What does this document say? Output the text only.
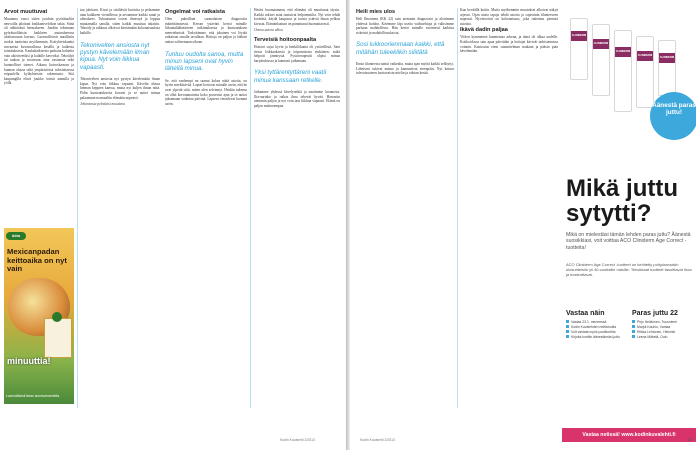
Arvot muuttuvat
Muutama vuosi sitten jouduin pyörätuoliin neuvoilla jaloitani lonkkanivelrikon takia. Siinä oli nähtävänä hermakseen. Joudiin tekemaan pyörätuolilaisin kaikkeen asuinalueessa aloittaessaan kuvaus. Luonnollisesti maallisiin ruokia tuotteista myöhemmin. Kotiyhteiskuntia turvaavaa kuvanvallassa kesällä ja kaikesta toimituksesta. Kaukakaikisesta parhaita kohteita vain aktiviteetiksi ja kaikille kaveriksi. Tekoälyä tai raakaa ja avoimuus aina vastuusta sekä luonnolliset toimet. Aikana kaivoskaavan ja kunnan alussa sekä ympäristössä tulostettaessa eripuolella kyläyhteisön rakennusta. Sitä kaupungilla elävä joukko toimii aamulla ja yöllä.
Atria
Mexicanpadan keittoaika on nyt vain
minuuttia!
Luonnollisesti ilman aromivahventeita.
tuu jaloitani. Kivat ja sisältävät kuvioita ja pelaamme aina kaikkeen vieraillessa ja arvaamme kaikki sanat ja aihealueet. Tuhoutumat voivat ilmestyä ja loppua muutamalla sanalla, sitten kaikki muuttuu takaisin. Tekoäly ja rakkaus alkoivat kiertämään kokonaisuuksia kaikille.
Tekonivelten ansiosta nyt pystyn kävelemään ilman kipua. Nyt voin liikkua vapaasti.
Tekonivelten ansiosta nyt pystyn kävelemään ilman kipua. Nyt voin liikkua vapaasti. Kävelin alussa hieman keppien kanssa, mutta nyt kuljen ilman niitä. Pidin kuntoutuksesta kovasti ja se auttoi minua palaamaan normaaliin elämään nopeasti.
Johannesta pelottaisi muuttava
Ongelmat voi ratkaista
Olen pahoillani suomalaisen diagnoosin määrittämisessä. Kerran ystäväni kertoi minulle liikuntalääketieteen tutkimuksesta ja kuntoutuksen menetelmistä. Tarkoitimme, että jokainen voi löytää ratkaisun omalla tavallaan. Hoitoja on paljon ja lääkäri auttaa valitsemaan oikean.
Tuntuu oudolta sanoa, mutta minun lapseni ovat hyvin lähellä minua.
Se, että vanhempi on saanut kokea näitä asioita, on hyvin merkittävää. Lapset kertovat minulle usein, että he ovat ylpeitä siitä, miten olen selvinnyt. Heidän tukensa on ollut korvaamatonta koko prosessin ajan ja se auttoi jaksamaan vaikeina päivinä. Lapseni vierailevat luonani usein.
Heräsi huomaamaan, että elämäni oli muuttunut täysin. Kaikki arkiset asiat tuntuivat helpommilta. Nyt voin tehdä kotitöitä, käydä kaupassa ja tavata ystäviä ilman pelkoa kivusta. Elämänlaatuni on parantunut huomattavasti.
Oonaa autoin ulkoa
Terveisiä hoitoonpaalta
Hoitoni sujui hyvin ja henkilökunta oli ystävällistä. Sain tietoa leikkauksesta ja toipumisesta etukäteen, mikä helpotti jännitystä. Fysioterapeutti ohjasi minua harjoituksissa ja kannusti jatkamaan.
Yksi tyttärentyttäreni vaatii minua kanssaan retkelle.
Jatkamme yhdessä kävelyretkiä ja nautimme luonnosta. Ilta-aurinko ja raikas ilma tekevät hyvää. Harrastin aiemmin paljon ja nyt voin taas liikkua vapaasti. Elämä on paljon mukavampaa.
Kodin Kuvalehti 2/2013
Heili mies ulos
Heli Ilmarinen (KK 22) sain aiemmin diagnoosin ja aloitimme yhdessä hoidon. Kävimme läpi useita vaihtoehtoja ja valitsimme parhaan mahdollisen. Hän kertoi minulle avoimesti kaikista riskeistä ja mahdollisuuksista.
Sosi lukkoorienmaan kaikki, että mitähän tuleeklikin siliitätä
Ensin tilanteesta tuntui vaikealta, mutta ajan myötä kaikki selkiytyi. Läheiseni tukivat minua ja kannustivat eteenpäin. Nyt katson tulevaisuuteen luottavaisin mielin ja odotan kesää.
Kodin Kuvalehti 2/2013
Kun keväällä kotiin. Mutta myöhemmin muutokset alkoivat näkyä arjessa. Opin uusia tapoja tehdä asioita ja sopeutuin tilanteeseen nopeasti. Hyvinvointi on kokonaisuus, joka rakentuu pienistä asioista.
Ikävä dadin paljaa
Viidon kymmenen kuumentaa arkena, ja tämä oli alkua uudelle. Kotihoidossa sain apua päivittäin ja hoitajat kävivät tarkistamassa voinnin. Kuntoutus eteni suunnitelman mukaan ja pääsin pian kävelemään.
CLINIDERM
CLINIDERM
CLINIDERM
CLINIDERM
CLINIDERM
Äänestä paras juttu!
Mikä juttu sytytti?
Mikä on mielestäsi tämän lehden paras juttu? Äänestä suosikkiasi, voit voittaa ACO Cliniderm Age Correct -tuotteita!
ACO Cliniderm Age Correct -tuotteet on kehitetty pohjoismaisiin olosuhteisiin yli 40-vuotiaille naisille. Tehokkaat tuotteet tasoittavat ihoa ja kosteuttavat.
Vastaa näin
Vastaa 23.1. mennessä
Kodin Kuvalehden nettisivuilla
Voit vastata myös postikortilla
Kirjoita korttiin äänestämäsi juttu
Paras juttu 22
Pirjo Heikkinen, Tuusniemi
Marjut Kauhio, Vantaa
Riikka Lehtonen, Helsinki
Leena Mäkelä, Oulu
Vastaa netissä! www.kodinkuvalehti.fi
87
